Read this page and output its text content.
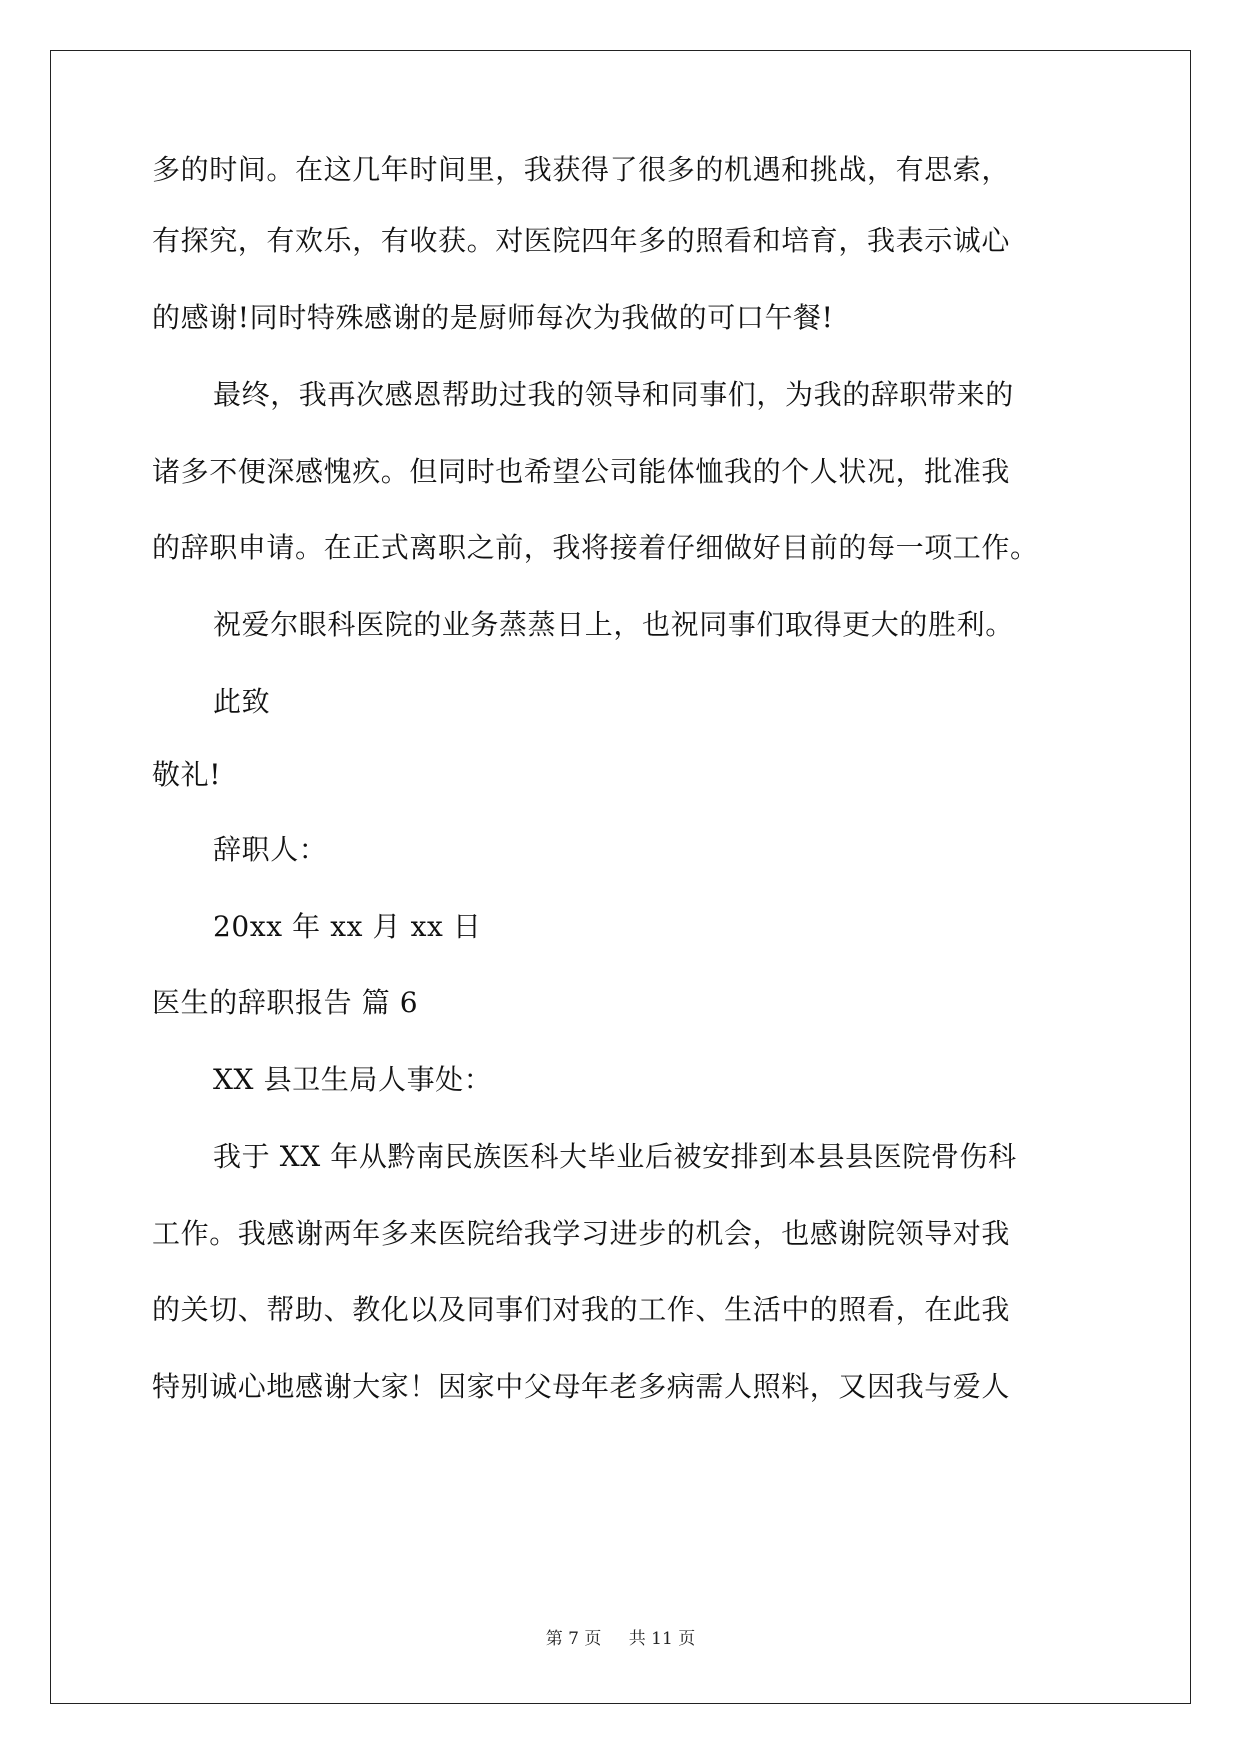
多的时间。在这几年时间里，我获得了很多的机遇和挑战，有思索，
有探究，有欢乐，有收获。对医院四年多的照看和培育，我表示诚心
的感谢!同时特殊感谢的是厨师每次为我做的可口午餐!
最终，我再次感恩帮助过我的领导和同事们，为我的辞职带来的
诸多不便深感愧疚。但同时也希望公司能体恤我的个人状况，批准我
的辞职申请。在正式离职之前，我将接着仔细做好目前的每一项工作。
祝爱尔眼科医院的业务蒸蒸日上，也祝同事们取得更大的胜利。
此致
敬礼!
辞职人：
20xx 年 xx 月 xx 日
医生的辞职报告 篇 6
XX 县卫生局人事处：
我于 XX 年从黔南民族医科大毕业后被安排到本县县医院骨伤科
工作。我感谢两年多来医院给我学习进步的机会，也感谢院领导对我
的关切、帮助、教化以及同事们对我的工作、生活中的照看，在此我
特别诚心地感谢大家！因家中父母年老多病需人照料，又因我与爱人
第 7 页 共 11 页
